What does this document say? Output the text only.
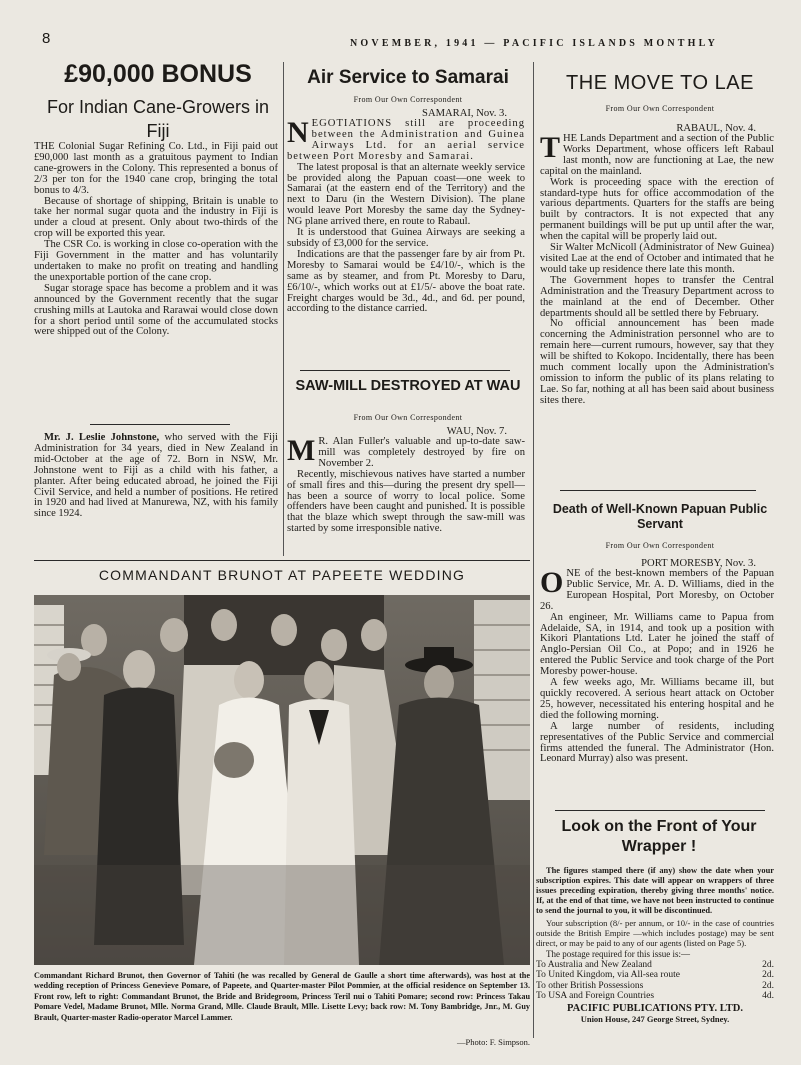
8	NOVEMBER, 1941 — PACIFIC ISLANDS MONTHLY
£90,000 BONUS
For Indian Cane-Growers in Fiji

THE Colonial Sugar Refining Co. Ltd., in Fiji paid out £90,000 last month as a gratuitous payment to Indian cane-growers in the Colony. This represented a bonus of 2/3 per ton for the 1940 cane crop, bringing the total bonus to 4/3.

Because of shortage of shipping, Britain is unable to take her normal sugar quota and the industry in Fiji is under a cloud at present. Only about two-thirds of the crop will be exported this year.

The CSR Co. is working in close co-operation with the Fiji Government in the matter and has voluntarily undertaken to make no profit on treating and handling the unexportable portion of the cane crop.

Sugar storage space has become a problem and it was announced by the Government recently that the sugar crushing mills at Lautoka and Rarawai would close down for a short period until some of the accumulated stocks were shipped out of the Colony.

Mr. J. Leslie Johnstone, who served with the Fiji Administration for 34 years, died in New Zealand in mid-October at the age of 72. Born in NSW, Mr. Johnstone went to Fiji as a child with his father, a planter. After being educated abroad, he joined the Fiji Civil Service, and held a number of positions. He retired in 1920 and had lived at Manurewa, NZ, with his family since 1924.

Air Service to Samarai
From Our Own Correspondent
SAMARAI, Nov. 3.
N EGOTIATIONS still are proceeding between the Administration and Guinea Airways Ltd. for an aerial service between Port Moresby and Samarai.

The latest proposal is that an alternate weekly service be provided along the Papuan coast—one week to Samarai (at the eastern end of the Territory) and the next to Daru (in the Western Division). The plane would leave Port Moresby the same day the Sydney-NG plane arrived there, en route to Rabaul.

It is understood that Guinea Airways are seeking a subsidy of £3,000 for the service.

Indications are that the passenger fare by air from Pt. Moresby to Samarai would be £4/10/-, which is the same as by steamer, and from Pt. Moresby to Daru, £6/10/-, which works out at £1/5/- above the boat rate. Freight charges would be 3d., 4d., and 6d. per pound, according to the distance carried.

SAW-MILL DESTROYED AT WAU
From Our Own Correspondent
WAU, Nov. 7.
M R. Alan Fuller's valuable and up-to-date saw-mill was completely destroyed by fire on November 2.

Recently, mischievous natives have started a number of small fires and this—during the present dry spell—has been a source of worry to local police. Some offenders have been caught and punished. It is possible that the blaze which swept through the saw-mill was started by some irresponsible native.

THE MOVE TO LAE
From Our Own Correspondent
RABAUL, Nov. 4.
T HE Lands Department and a section of the Public Works Department, whose officers left Rabaul last month, now are functioning at Lae, the new capital on the mainland.

Work is proceeding space with the erection of standard-type huts for office accommodation of the various departments. Quarters for the staffs are being built by contractors. It is not expected that any permanent buildings will be put up until after the war, when the capital will be properly laid out.

Sir Walter McNicoll (Administrator of New Guinea) visited Lae at the end of October and intimated that he would take up residence there late this month.

The Government hopes to transfer the Central Administration and the Treasury Department across to the mainland at the end of December. Other departments should all be settled there by February.

No official announcement has been made concerning the Administration personnel who are to remain here—current rumours, however, say that they will be shifted to Kokopo. Incidentally, there has been much comment locally upon the Administration's omission to inform the public of its plans relating to Lae. So far, nothing at all has been said about business sites there.

Death of Well-Known Papuan Public Servant
From Our Own Correspondent
PORT MORESBY, Nov. 3.
O NE of the best-known members of the Papuan Public Service, Mr. A. D. Williams, died in the European Hospital, Port Moresby, on October 26.

An engineer, Mr. Williams came to Papua from Adelaide, SA, in 1914, and took up a position with Kikori Plantations Ltd. Later he joined the staff of Anglo-Persian Oil Co., at Popo; and in 1926 he entered the Public Service and took charge of the Port Moresby power-house.

A few weeks ago, Mr. Williams became ill, but quickly recovered. A serious heart attack on October 25, however, necessitated his entering hospital and he died the following morning.

A large number of residents, including representatives of the Public Service and commercial firms attended the funeral. The Administrator (Hon. Leonard Murray) also was present.

Look on the Front of Your Wrapper !

The figures stamped there (if any) show the date when your subscription expires. This date will appear on wrappers of three issues preceding expiration, thereby giving three months' notice. If, at the end of that time, we have not been instructed to continue to send the journal to you, it will be discontinued.

Your subscription (8/- per annum, or 10/- in the case of countries outside the British Empire —which includes postage) may be sent direct, or may be paid to any of our agents (listed on Page 5).

The postage required for this issue is:—

To Australia and New Zealand	2d.
To United Kingdom, via All-sea route	2d.
To other British Possessions	2d.
To USA and Foreign Countries	4d.
PACIFIC PUBLICATIONS PTY. LTD.
Union House, 247 George Street, Sydney.
COMMANDANT BRUNOT AT PAPEETE WEDDING
Commandant Richard Brunot, then Governor of Tahiti (he was recalled by General de Gaulle a short time afterwards), was host at the wedding reception of Princess Genevieve Pomare, of Papeete, and Quarter-master Pilot Pommier, at the official residence on September 13. Front row, left to right: Commandant Brunot, the Bride and Bridegroom, Princess Teril nui o Tahiti Pomare; second row: Princess Takau Pomare Vedel, Madame Brunot, Mlle. Norma Grand, Mlle. Claude Brault, Mlle. Lisette Levy; back row: M. Tony Bambridge, Jnr., M. Guy Brault, Quarter-master Radio-operator Marcel Lammer.
—Photo: F. Simpson.
